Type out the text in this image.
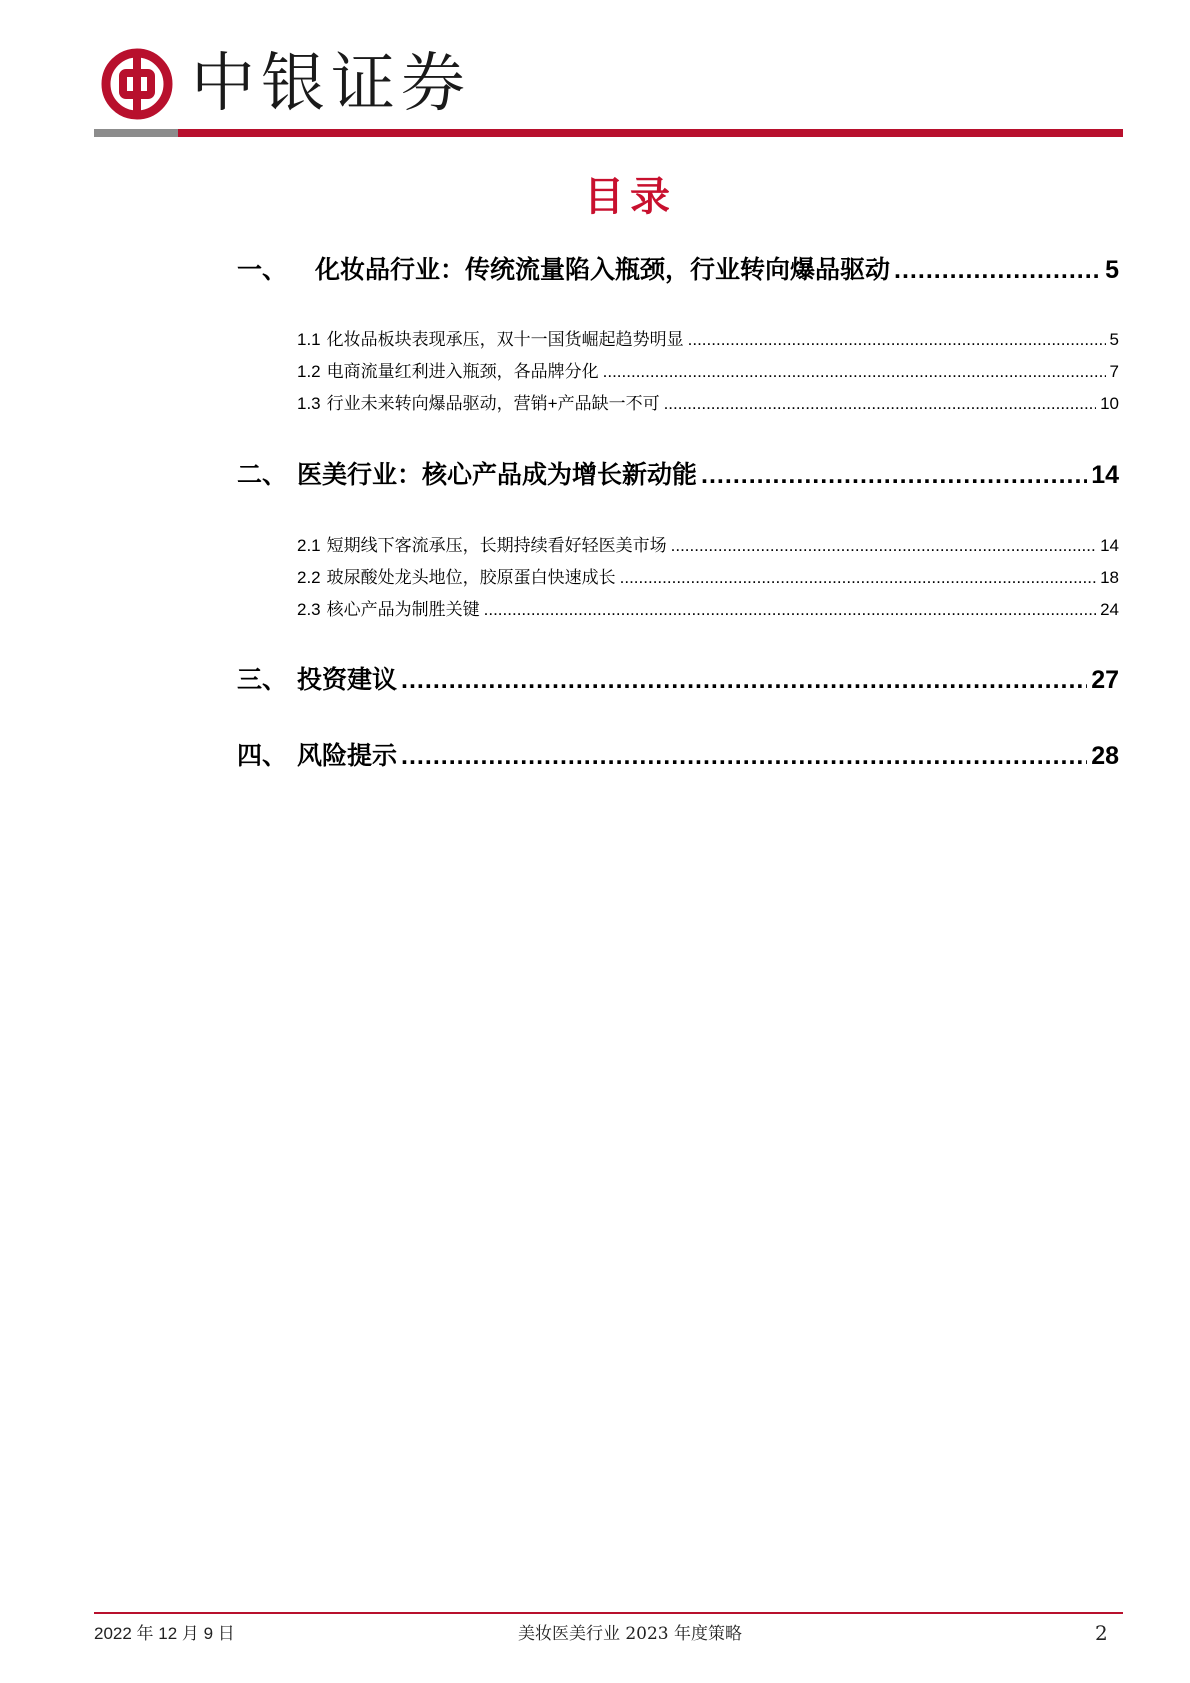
中银证券
目录
一、 化妆品行业：传统流量陷入瓶颈，行业转向爆品驱动 .....	5
1.1 化妆品板块表现承压，双十一国货崛起趋势明显 .....	5
1.2 电商流量红利进入瓶颈，各品牌分化 .....	7
1.3 行业未来转向爆品驱动，营销+产品缺一不可 .....	10
二、 医美行业：核心产品成为增长新动能 .....	14
2.1 短期线下客流承压，长期持续看好轻医美市场 .....	14
2.2 玻尿酸处龙头地位，胶原蛋白快速成长 .....	18
2.3 核心产品为制胜关键 .....	24
三、 投资建议 .....	27
四、 风险提示 .....	28
2022 年 12 月 9 日	美妆医美行业 2023 年度策略	2
